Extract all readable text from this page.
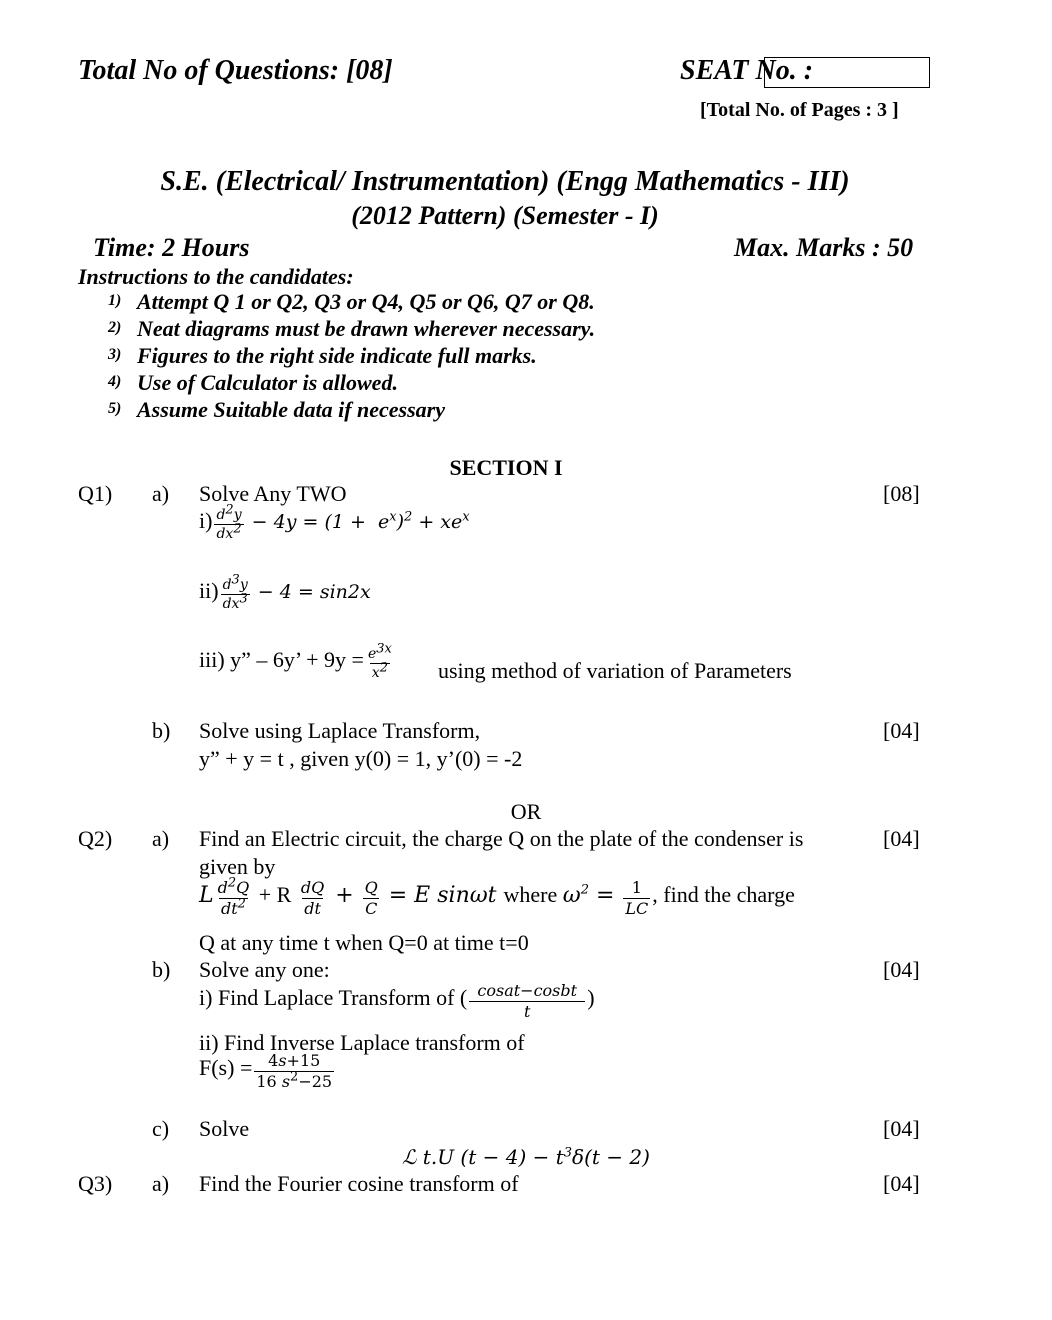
Total No of Questions: [08]	SEAT No. :
[Total No. of Pages : 3 ]
S.E. (Electrical/ Instrumentation) (Engg Mathematics - III)
(2012 Pattern) (Semester - I)
Time: 2 Hours	Max. Marks : 50
Instructions to the candidates:
1) Attempt Q 1 or Q2, Q3 or Q4, Q5 or Q6, Q7 or Q8.
2) Neat diagrams must be drawn wherever necessary.
3) Figures to the right side indicate full marks.
4) Use of Calculator is allowed.
5) Assume Suitable data if necessary
SECTION I
Q1) a) Solve Any TWO	[08]
$i) \frac{d^2y}{dx^2} - 4y = (1 + e^x)^2 + xe^x$
$ii) \frac{d^3y}{dx^3} - 4 = \sin 2x$
iii) y” – 6y’ + $9y = \frac{e^{3x}}{x^2}$ using method of variation of Parameters
b) Solve using Laplace Transform,	[04]
y” + y = t , given y(0) = 1, y’(0) = -2
OR
Q2) a) Find an Electric circuit, the charge Q on the plate of the condenser is	[04]
given by
L $\frac{d^2Q}{dt^2} + R \frac{dQ}{dt} + \frac{Q}{C} = E$ sinωt where $\omega^2 = \frac{1}{LC}$ , find the charge
Q at any time t when Q=0 at time t=0
b) Solve any one:	[04]
i) Find Laplace Transform of ( $\frac{\text{cosat−cosbt}}{t}$ )
ii) Find Inverse Laplace transform of
$F(s) = \frac{4s+15}{16 s^2-25}$
c) Solve	[04]
ℒ t.U $(t - 4) - t^3\delta(t - 2)$
Q3) a) Find the Fourier cosine transform of	[04]
